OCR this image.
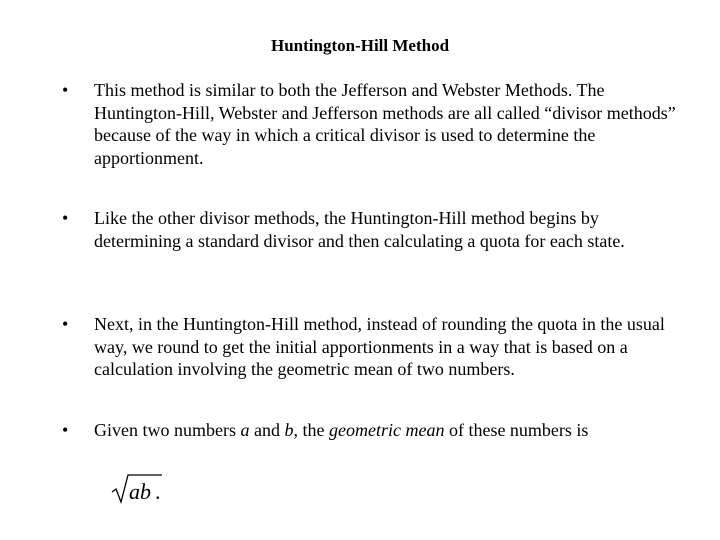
Huntington-Hill Method
•	This method is similar to both the Jefferson and Webster Methods. The Huntington-Hill, Webster and Jefferson methods are all called “divisor methods” because of the way in which a critical divisor is used to determine the apportionment.
•	Like the other divisor methods, the Huntington-Hill method begins by determining a standard divisor and then calculating a quota for each state.
•	Next, in the Huntington-Hill method, instead of rounding the quota in the usual way, we round to get the initial apportionments in a way that is based on a calculation involving the geometric mean of two numbers.
•	Given two numbers a and b, the geometric mean of these numbers is
ab .
